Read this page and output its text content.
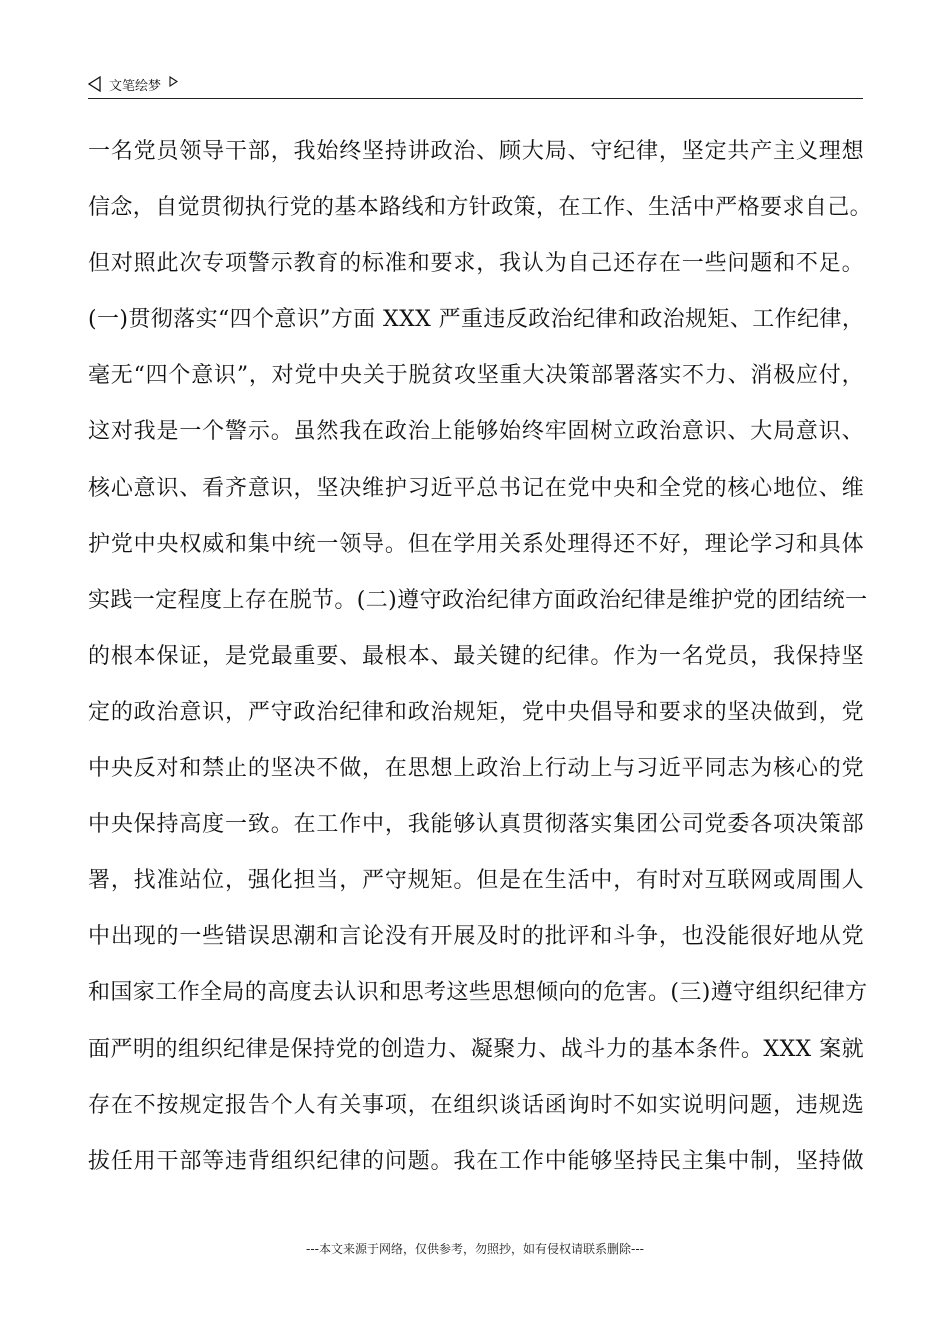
文笔绘梦
一名党员领导干部，我始终坚持讲政治、顾大局、守纪律，坚定共产主义理想
信念，自觉贯彻执行党的基本路线和方针政策，在工作、生活中严格要求自己。
但对照此次专项警示教育的标准和要求，我认为自己还存在一些问题和不足。
(一)贯彻落实“四个意识”方面 XXX 严重违反政治纪律和政治规矩、工作纪律，
毫无“四个意识”，对党中央关于脱贫攻坚重大决策部署落实不力、消极应付，
这对我是一个警示。虽然我在政治上能够始终牢固树立政治意识、大局意识、
核心意识、看齐意识，坚决维护习近平总书记在党中央和全党的核心地位、维
护党中央权威和集中统一领导。但在学用关系处理得还不好，理论学习和具体
实践一定程度上存在脱节。(二)遵守政治纪律方面政治纪律是维护党的团结统一
的根本保证，是党最重要、最根本、最关键的纪律。作为一名党员，我保持坚
定的政治意识，严守政治纪律和政治规矩，党中央倡导和要求的坚决做到，党
中央反对和禁止的坚决不做，在思想上政治上行动上与习近平同志为核心的党
中央保持高度一致。在工作中，我能够认真贯彻落实集团公司党委各项决策部
署，找准站位，强化担当，严守规矩。但是在生活中，有时对互联网或周围人
中出现的一些错误思潮和言论没有开展及时的批评和斗争，也没能很好地从党
和国家工作全局的高度去认识和思考这些思想倾向的危害。(三)遵守组织纪律方
面严明的组织纪律是保持党的创造力、凝聚力、战斗力的基本条件。XXX 案就
存在不按规定报告个人有关事项，在组织谈话函询时不如实说明问题，违规选
拔任用干部等违背组织纪律的问题。我在工作中能够坚持民主集中制，坚持做
---本文来源于网络，仅供参考，勿照抄，如有侵权请联系删除---
